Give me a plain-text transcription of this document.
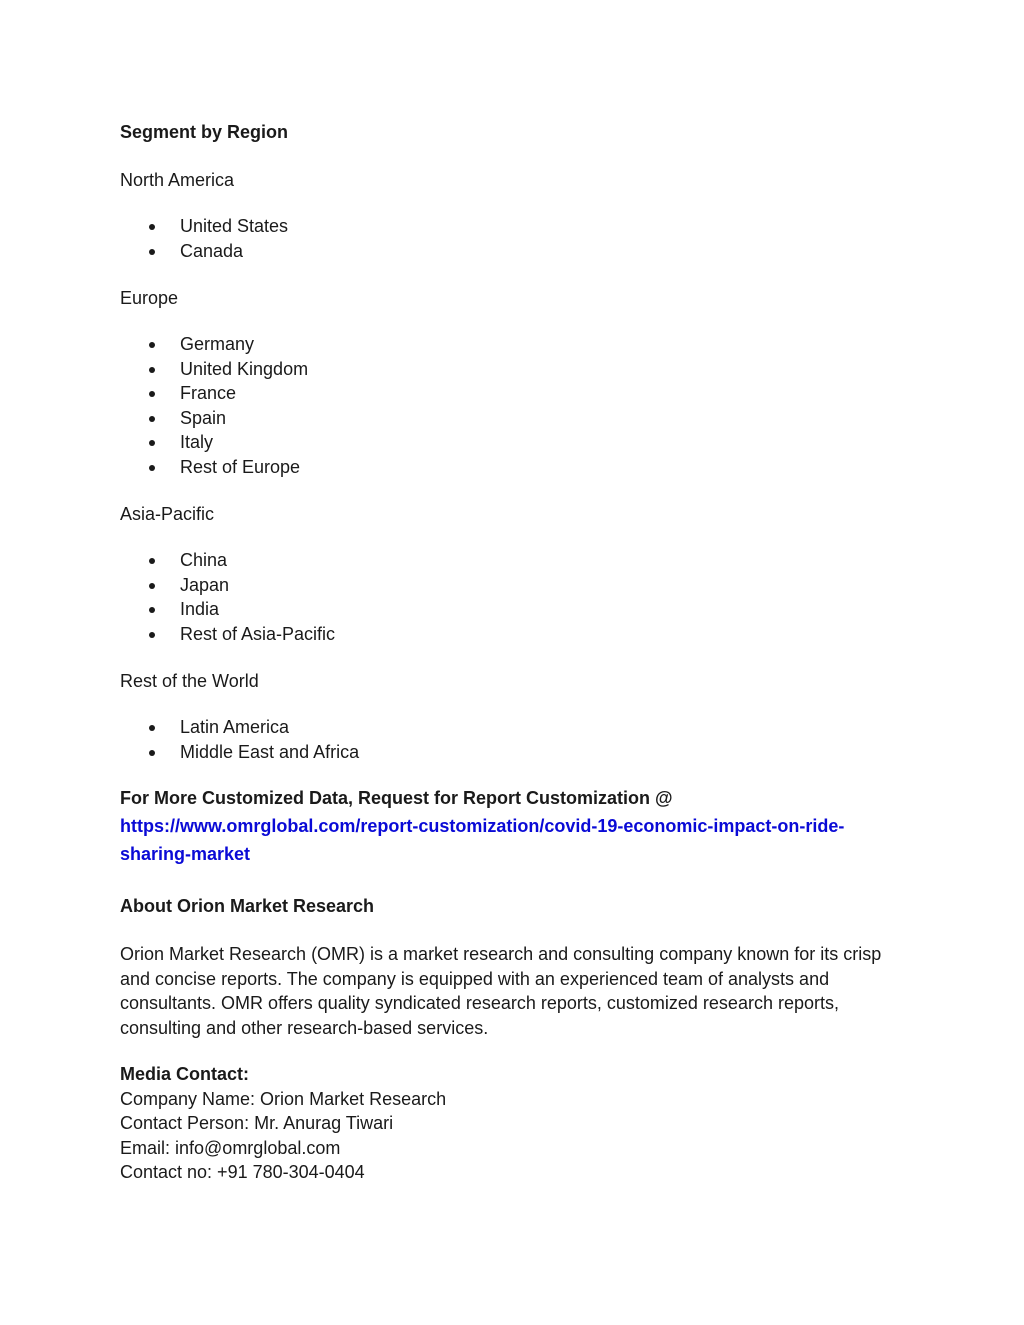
Segment by Region

North America

United States
Canada

Europe

Germany
United Kingdom
France
Spain
Italy
Rest of Europe

Asia-Pacific

China
Japan
India
Rest of Asia-Pacific

Rest of the World

Latin America
Middle East and Africa

For More Customized Data, Request for Report Customization @

https://www.omrglobal.com/report-customization/covid-19-economic-impact-on-ride-
sharing-market

About Orion Market Research

Orion Market Research (OMR) is a market research and consulting company known for its crisp

and concise reports. The company is equipped with an experienced team of analysts and

consultants. OMR offers quality syndicated research reports, customized research reports,

consulting and other research-based services.

Media Contact:

Company Name: Orion Market Research

Contact Person: Mr. Anurag Tiwari

Email: info@omrglobal.com

Contact no: +91 780-304-0404
